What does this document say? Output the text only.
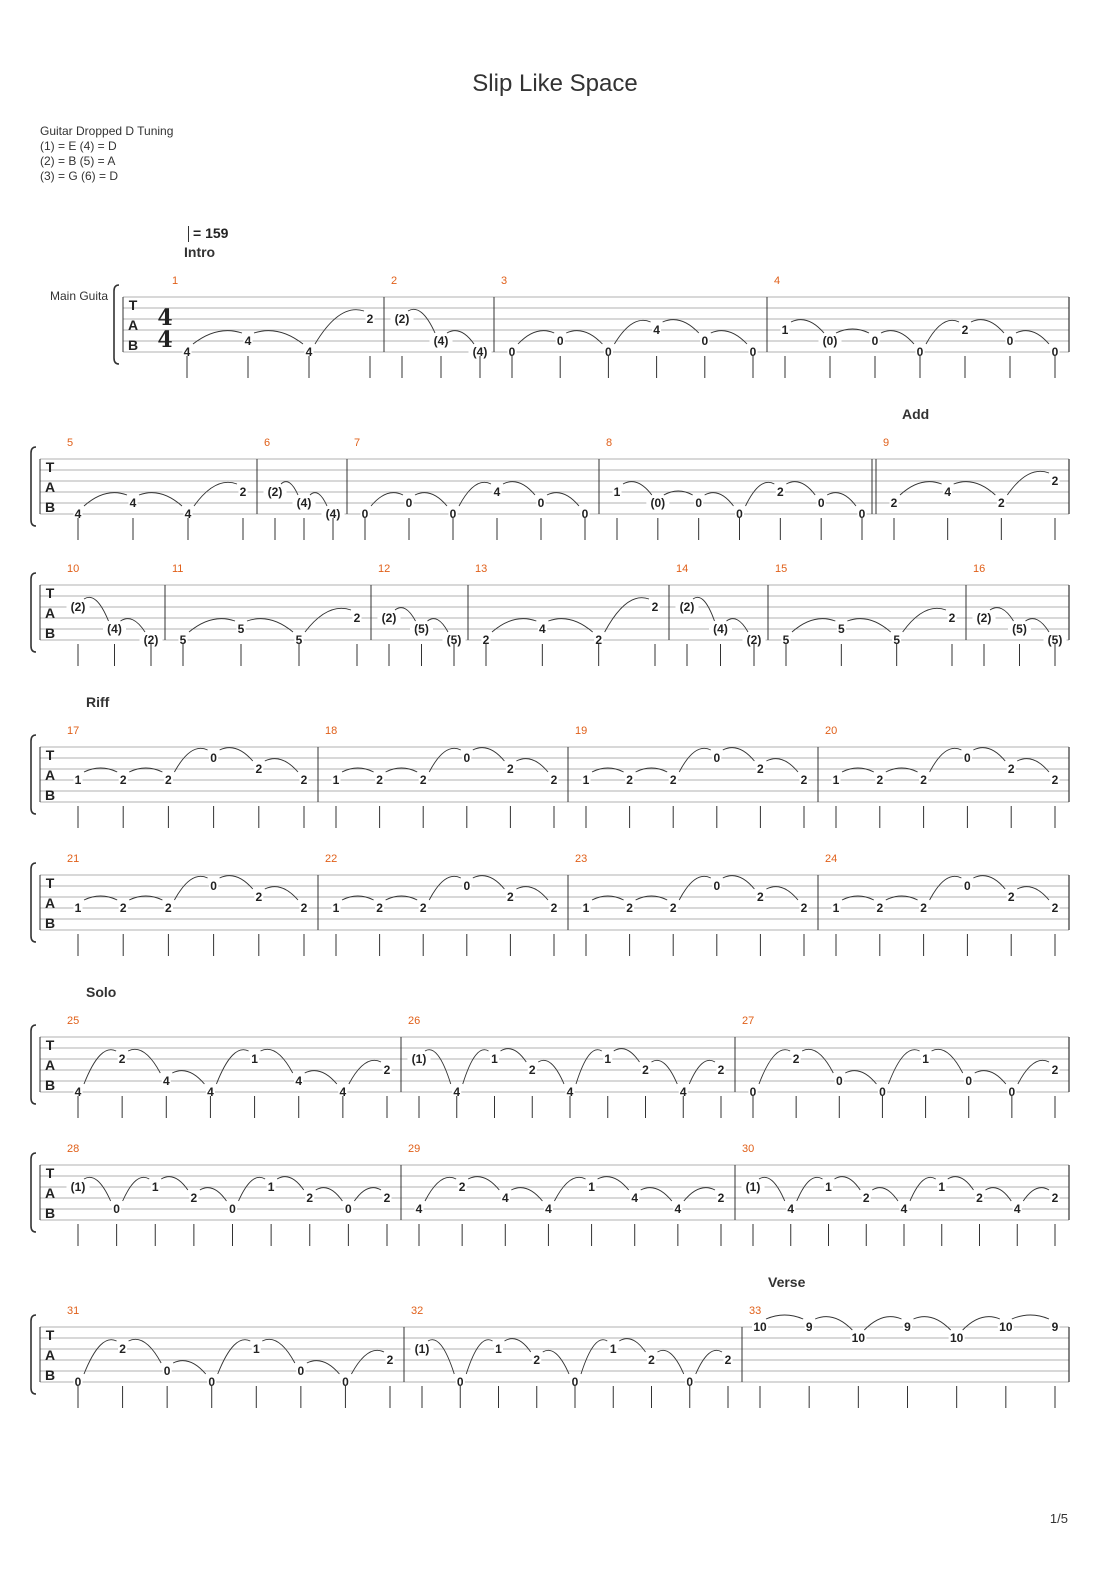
Slip Like Space
Guitar Dropped D Tuning
(1) = E (4) = D
(2) = B (5) = A
(3) = G (6) = D
= 159
Main Guita
T
A
B
4
4
1
4
4
4
2
2
(2)
(4)
(4)
3
0
0
0
4
0
0
4
1
(0)	0
0
2
0
0
Intro
T
A
B
5
4
4
4
2
6
(2)
(4)
(4)
7
0
0
0
4
0
0
8
1
(0)	0
0
2
0
0
9
2
4
2
2
Add
T
A
B
10
(2)
(4)
(2)
11
5
5
5
2
12
(2)
(5)
(5)
13
2
4
2
2
14
(2)
(4)
(2)
15
5
5
5
2
16
(2)
(5)
(5)
T
A
B
17
1	2	2
0
2
2
18
1	2	2
0
2
2
19
1	2	2
0
2
2
20
1	2	2
0
2
2
Riff
T
A
B
21
1	2	2
0
2
2
22
1	2	2
0
2
2
23
1	2	2
0
2
2
24
1	2	2
0
2
2
T
A
B
25
4
2
4
4
1
4
4
2
26
(1)
4
1
2
4
1
2
4
2
27
0
2
0
0
1
0
0
2
Solo
T
A
B
28
(1)
0
1
2
0
1
2
0
2
29
4
2
4
4
1
4
4
2
30
(1)
4
1
2
4
1
2
4
2
T
A
B
31
0
2
0
0
1
0
0
2
32
(1)
0
1
2
0
1
2
0
2
33
10	9
10
9
10
10	9
Verse
1/5
